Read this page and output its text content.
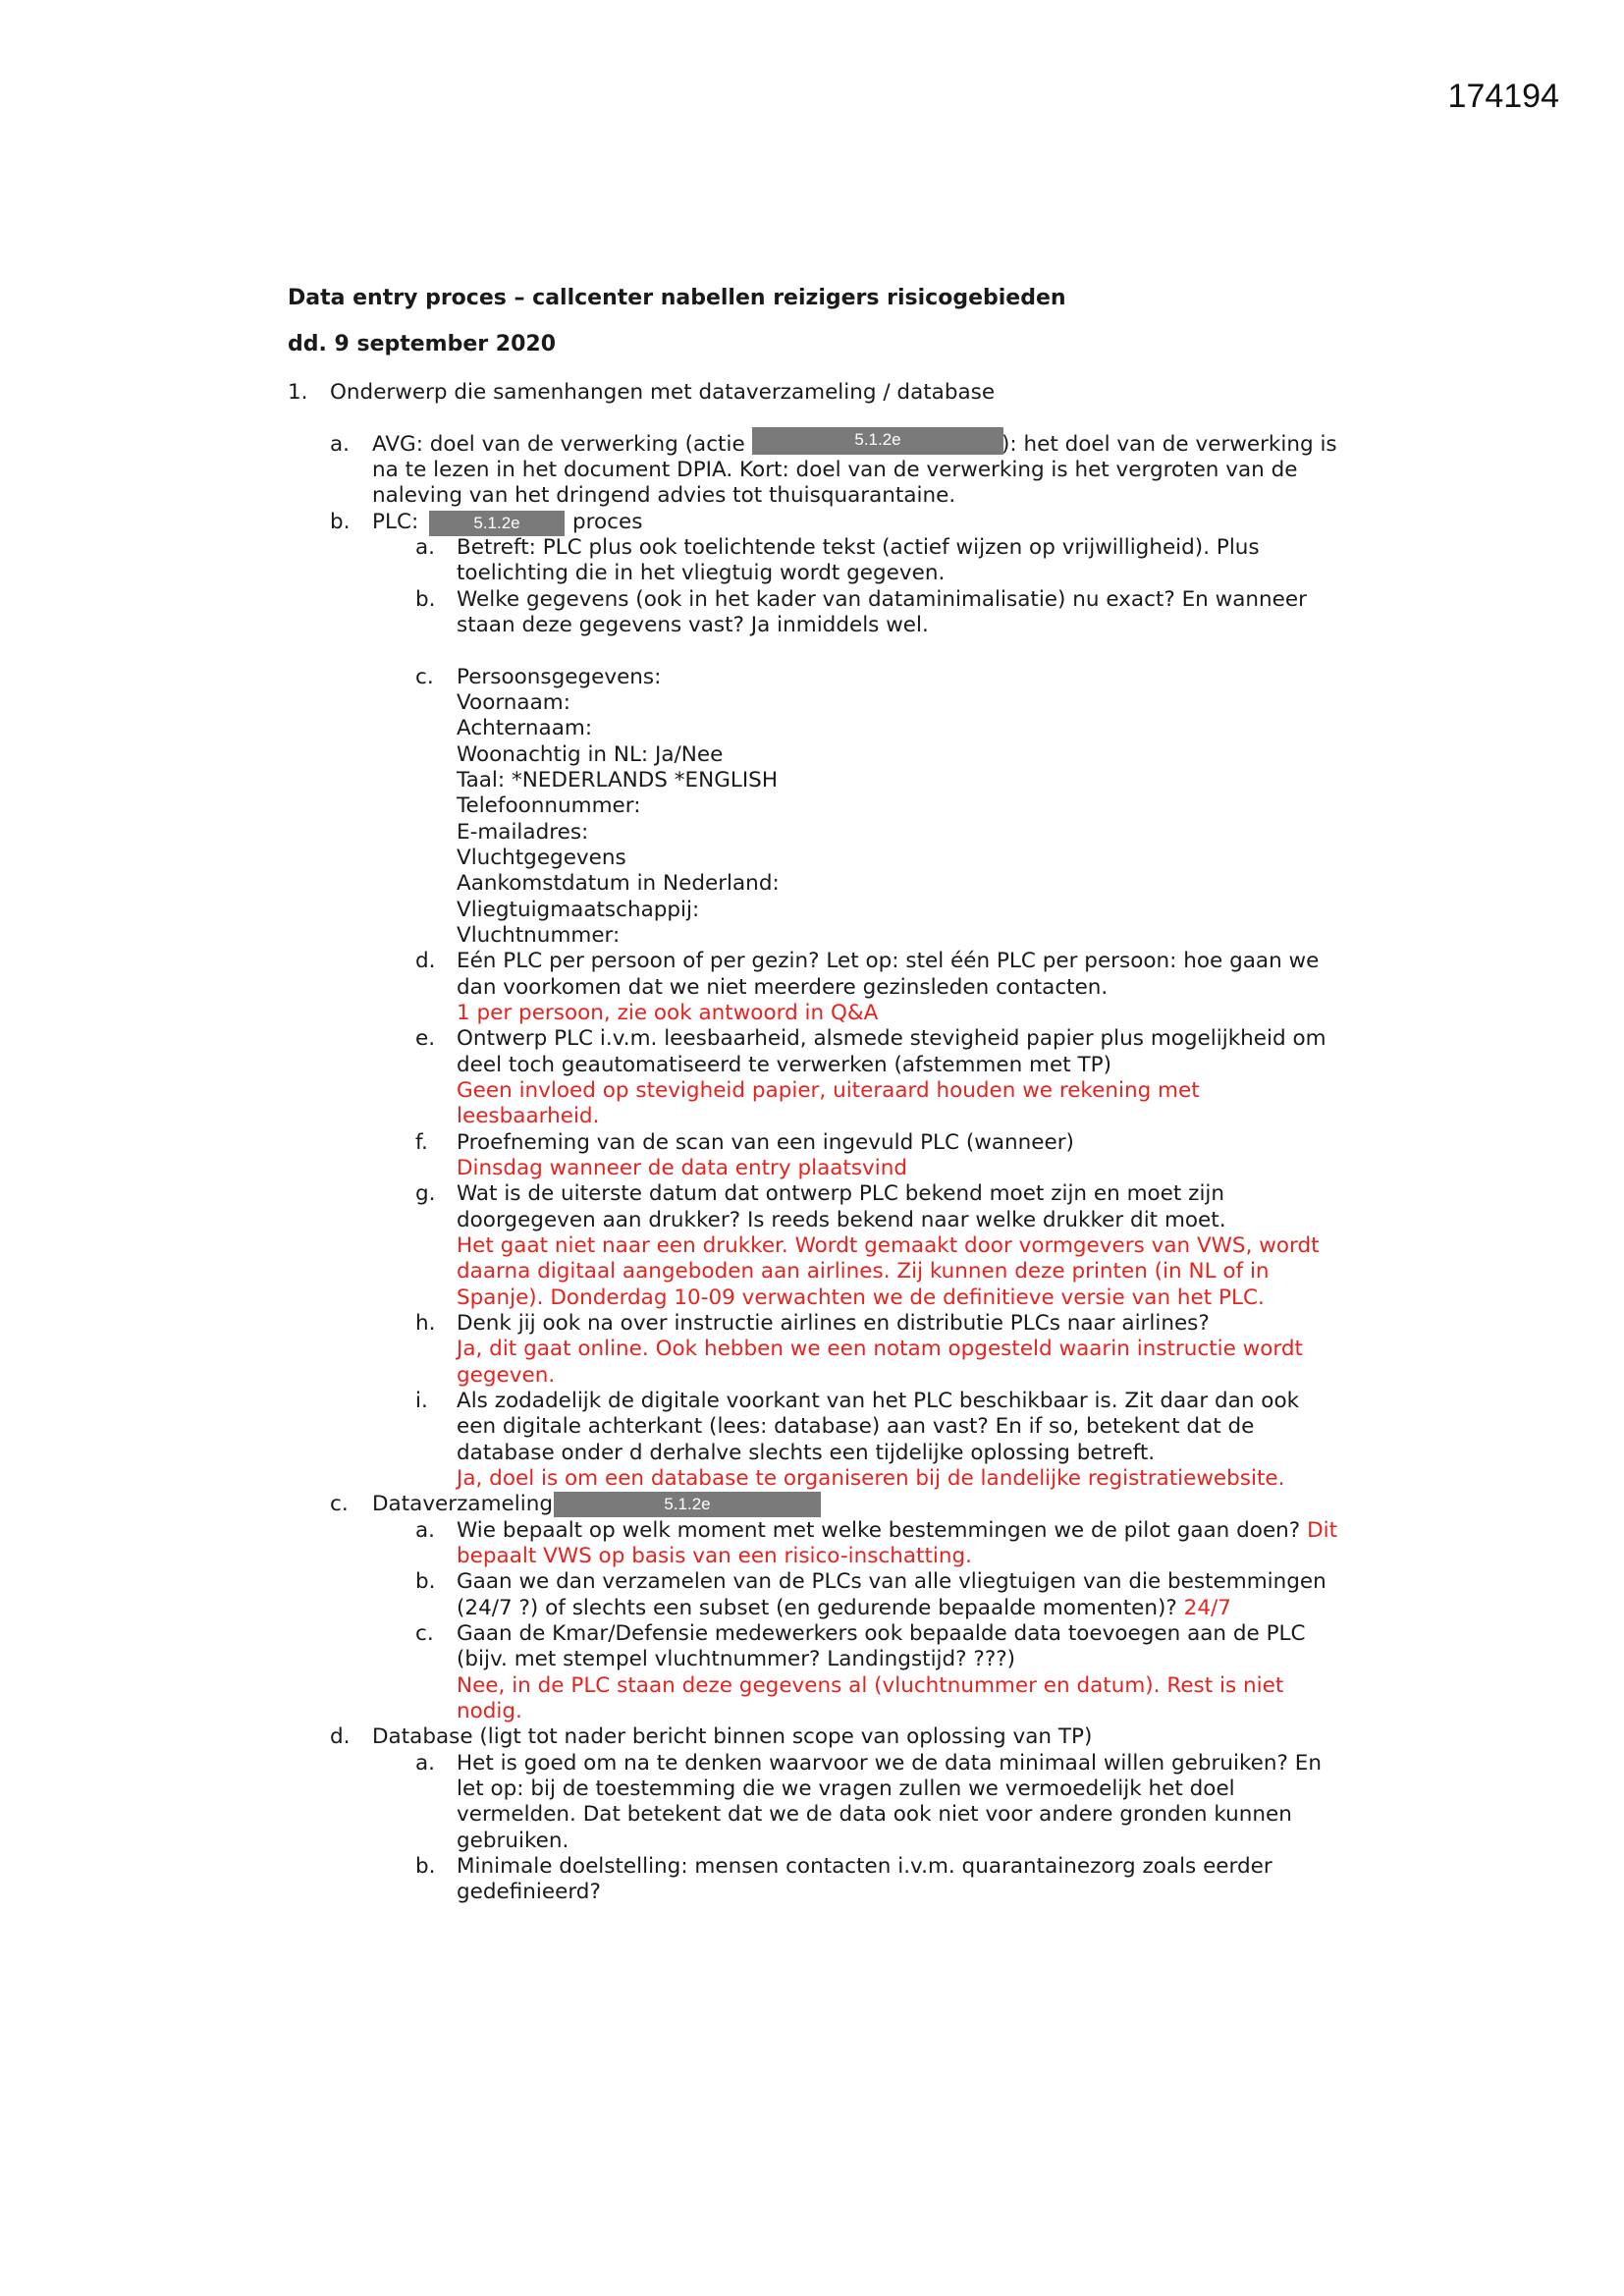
174194
Data entry proces – callcenter nabellen reizigers risicogebieden
dd. 9 september 2020
1. Onderwerp die samenhangen met dataverzameling / database
a. AVG: doel van de verwerking (actie	5.1.2e	): het doel van de verwerking is
na te lezen in het document DPIA. Kort: doel van de verwerking is het vergroten van de
naleving van het dringend advies tot thuisquarantaine.
b. PLC:	5.1.2e	proces
a. Betreft: PLC plus ook toelichtende tekst (actief wijzen op vrijwilligheid). Plus
toelichting die in het vliegtuig wordt gegeven.
b. Welke gegevens (ook in het kader van dataminimalisatie) nu exact? En wanneer
staan deze gegevens vast? Ja inmiddels wel.
c. Persoonsgegevens:
Voornaam:
Achternaam:
Woonachtig in NL: Ja/Nee
Taal: *NEDERLANDS *ENGLISH
Telefoonnummer:
E-mailadres:
Vluchtgegevens
Aankomstdatum in Nederland:
Vliegtuigmaatschappij:
Vluchtnummer:
d. Eén PLC per persoon of per gezin? Let op: stel één PLC per persoon: hoe gaan we
dan voorkomen dat we niet meerdere gezinsleden contacten.
1 per persoon, zie ook antwoord in Q&A
e. Ontwerp PLC i.v.m. leesbaarheid, alsmede stevigheid papier plus mogelijkheid om
deel toch geautomatiseerd te verwerken (afstemmen met TP)
Geen invloed op stevigheid papier, uiteraard houden we rekening met
leesbaarheid.
f. Proefneming van de scan van een ingevuld PLC (wanneer)
Dinsdag wanneer de data entry plaatsvind
g. Wat is de uiterste datum dat ontwerp PLC bekend moet zijn en moet zijn
doorgegeven aan drukker? Is reeds bekend naar welke drukker dit moet.
Het gaat niet naar een drukker. Wordt gemaakt door vormgevers van VWS, wordt
daarna digitaal aangeboden aan airlines. Zij kunnen deze printen (in NL of in
Spanje). Donderdag 10-09 verwachten we de definitieve versie van het PLC.
h. Denk jij ook na over instructie airlines en distributie PLCs naar airlines?
Ja, dit gaat online. Ook hebben we een notam opgesteld waarin instructie wordt
gegeven.
i. Als zodadelijk de digitale voorkant van het PLC beschikbaar is. Zit daar dan ook
een digitale achterkant (lees: database) aan vast? En if so, betekent dat de
database onder d derhalve slechts een tijdelijke oplossing betreft.
Ja, doel is om een database te organiseren bij de landelijke registratiewebsite.
c. Dataverzameling	5.1.2e
a. Wie bepaalt op welk moment met welke bestemmingen we de pilot gaan doen? Dit
bepaalt VWS op basis van een risico-inschatting.
b. Gaan we dan verzamelen van de PLCs van alle vliegtuigen van die bestemmingen
(24/7 ?) of slechts een subset (en gedurende bepaalde momenten)? 24/7
c. Gaan de Kmar/Defensie medewerkers ook bepaalde data toevoegen aan de PLC
(bijv. met stempel vluchtnummer? Landingstijd? ???)
Nee, in de PLC staan deze gegevens al (vluchtnummer en datum). Rest is niet
nodig.
d. Database (ligt tot nader bericht binnen scope van oplossing van TP)
a. Het is goed om na te denken waarvoor we de data minimaal willen gebruiken? En
let op: bij de toestemming die we vragen zullen we vermoedelijk het doel
vermelden. Dat betekent dat we de data ook niet voor andere gronden kunnen
gebruiken.
b. Minimale doelstelling: mensen contacten i.v.m. quarantainezorg zoals eerder
gedefinieerd?
